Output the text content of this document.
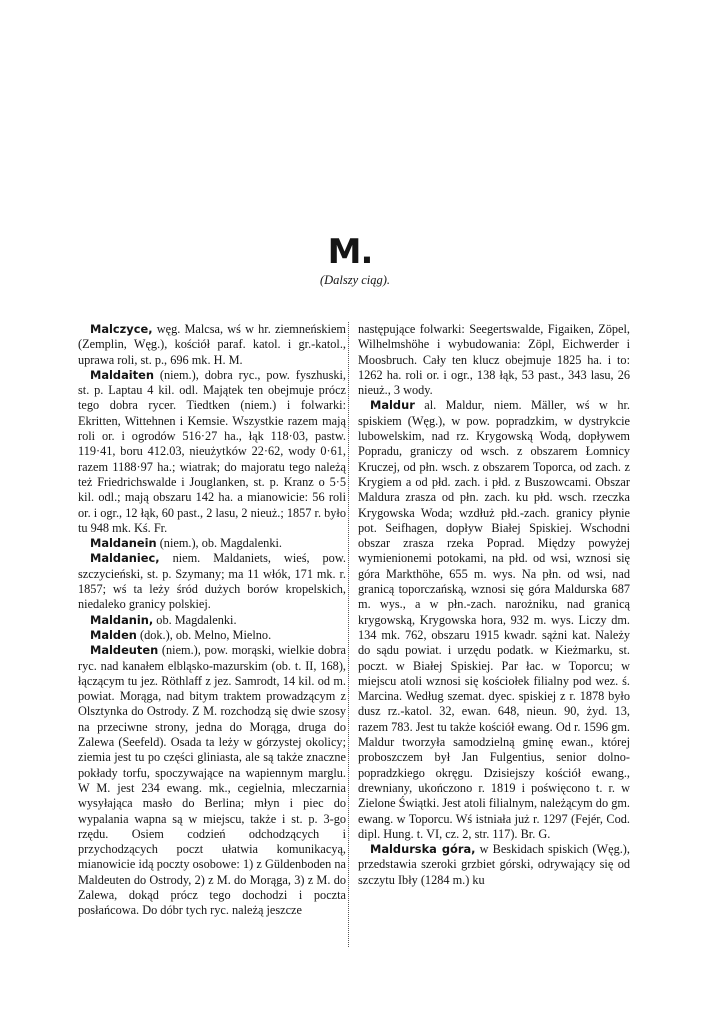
M.
(Dalszy ciąg).

Malczyce, węg. Malcsa, wś w hr. ziemneńskiem (Zemplin, Węg.), kościół paraf. katol. i gr.-katol., uprawa roli, st. p., 696 mk. H. M.

Maldaiten (niem.), dobra ryc., pow. fyszhuski, st. p. Laptau 4 kil. odl. Majątek ten obejmuje prócz tego dobra rycer. Tiedtken (niem.) i folwarki: Ekritten, Wittehnen i Kemsie. Wszystkie razem mają roli or. i ogrodów 516·27 ha., łąk 118·03, pastw. 119·41, boru 412.03, nieużytków 22·62, wody 0·61, razem 1188·97 ha.; wiatrak; do majoratu tego należą też Friedrichswalde i Jouglanken, st. p. Kranz o 5·5 kil. odl.; mają obszaru 142 ha. a mianowicie: 56 roli or. i ogr., 12 łąk, 60 past., 2 lasu, 2 nieuż.; 1857 r. było tu 948 mk. Kś. Fr.

Maldanein (niem.), ob. Magdalenki.

Maldaniec, niem. Maldaniets, wieś, pow. szczycieński, st. p. Szymany; ma 11 włók, 171 mk. r. 1857; wś ta leży śród dużych borów kropelskich, niedaleko granicy polskiej.

Maldanin, ob. Magdalenki.

Malden (dok.), ob. Melno, Mielno.

Maldeuten (niem.), pow. morąski, wielkie dobra ryc. nad kanałem elbląsko-mazurskim (ob. t. II, 168), łączącym tu jez. Röthlaff z jez. Samrodt, 14 kil. od m. powiat. Morąga, nad bitym traktem prowadzącym z Olsztynka do Ostrody. Z M. rozchodzą się dwie szosy na przeciwne strony, jedna do Morąga, druga do Zalewa (Seefeld). Osada ta leży w górzystej okolicy; ziemia jest tu po części gliniasta, ale są także znaczne pokłady torfu, spoczywające na wapiennym marglu. W M. jest 234 ewang. mk., cegielnia, mleczarnia wysyłająca masło do Berlina; młyn i piec do wypalania wapna są w miejscu, także i st. p. 3-go rzędu. Osiem codzień odchodzących i przychodzących poczt ułatwia komunikacyą, mianowicie idą poczty osobowe: 1) z Güldenboden na Maldeuten do Ostrody, 2) z M. do Morąga, 3) z M. do Zalewa, dokąd prócz tego dochodzi i poczta posłańcowa. Do dóbr tych ryc. należą jeszcze

następujące folwarki: Seegertswalde, Figaiken, Zöpel, Wilhelmshöhe i wybudowania: Zöpl, Eichwerder i Moosbruch. Cały ten klucz obejmuje 1825 ha. i to: 1262 ha. roli or. i ogr., 138 łąk, 53 past., 343 lasu, 26 nieuż., 3 wody.

Maldur al. Maldur, niem. Mäller, wś w hr. spiskiem (Węg.), w pow. popradzkim, w dystrykcie lubowelskim, nad rz. Krygowską Wodą, dopływem Popradu, graniczy od wsch. z obszarem Łomnicy Kruczej, od płn. wsch. z obszarem Toporca, od zach. z Krygiem a od płd. zach. i płd. z Buszowcami. Obszar Maldura zrasza od płn. zach. ku płd. wsch. rzeczka Krygowska Woda; wzdłuż płd.-zach. granicy płynie pot. Seifhagen, dopływ Białej Spiskiej. Wschodni obszar zrasza rzeka Poprad. Między powyżej wymienionemi potokami, na płd. od wsi, wznosi się góra Markthöhe, 655 m. wys. Na płn. od wsi, nad granicą toporczańską, wznosi się góra Maldurska 687 m. wys., a w płn.-zach. narożniku, nad granicą krygowską, Krygowska hora, 932 m. wys. Liczy dm. 134 mk. 762, obszaru 1915 kwadr. sążni kat. Należy do sądu powiat. i urzędu podatk. w Kieżmarku, st. poczt. w Białej Spiskiej. Par łac. w Toporcu; w miejscu atoli wznosi się kościołek filialny pod wez. ś. Marcina. Według szemat. dyec. spiskiej z r. 1878 było dusz rz.-katol. 32, ewan. 648, nieun. 90, żyd. 13, razem 783. Jest tu także kościół ewang. Od r. 1596 gm. Maldur tworzyła samodzielną gminę ewan., której proboszczem był Jan Fulgentius, senior dolno-popradzkiego okręgu. Dzisiejszy kościół ewang., drewniany, ukończono r. 1819 i poświęcono t. r. w Zielone Świątki. Jest atoli filialnym, należącym do gm. ewang. w Toporcu. Wś istniała już r. 1297 (Fejér, Cod. dipl. Hung. t. VI, cz. 2, str. 117). Br. G.

Maldurska góra, w Beskidach spiskich (Węg.), przedstawia szeroki grzbiet górski, odrywający się od szczytu Ibły (1284 m.) ku
